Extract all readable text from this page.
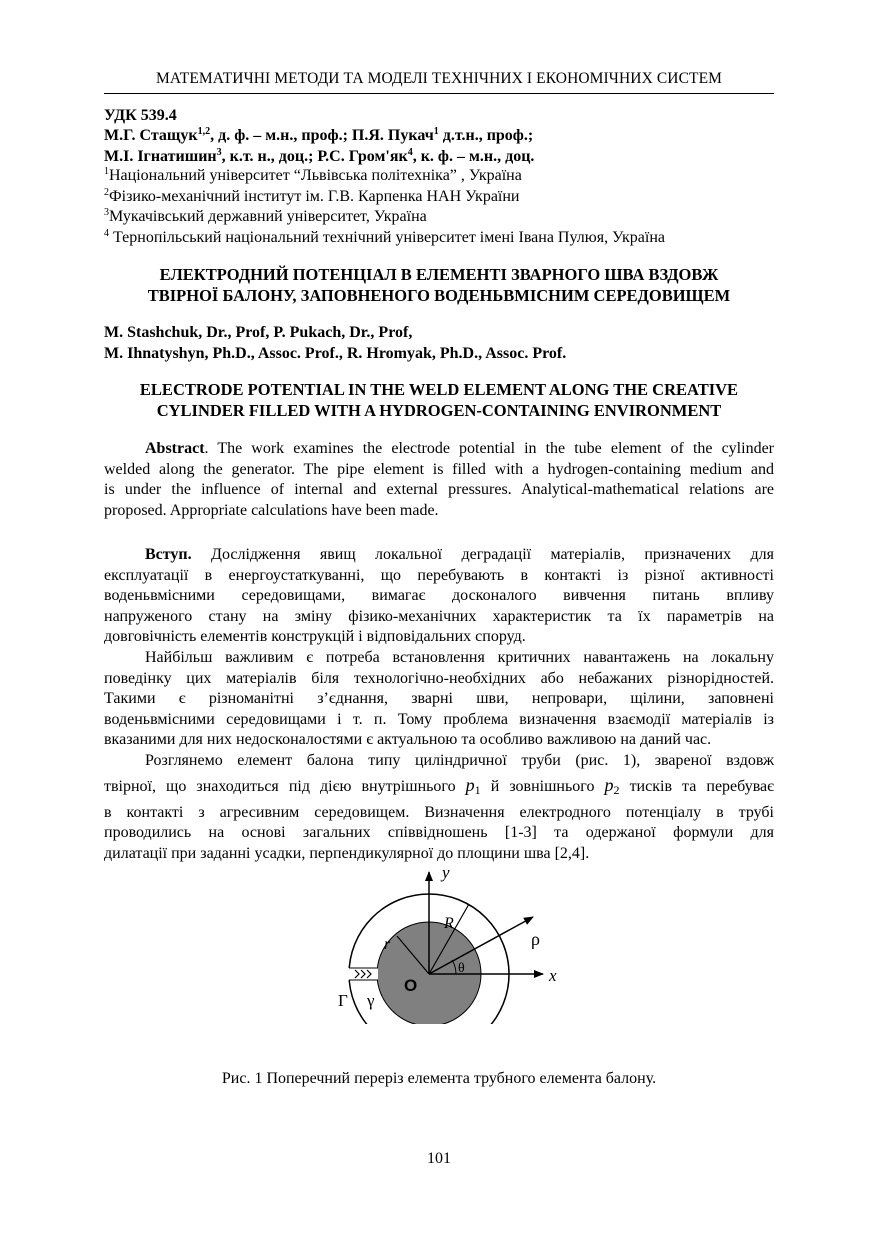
МАТЕМАТИЧНІ МЕТОДИ ТА МОДЕЛІ ТЕХНІЧНИХ І ЕКОНОМІЧНИХ СИСТЕМ
УДК 539.4
М.Г. Стащук$^{1,2}$, д. ф. – м.н., проф.; П.Я. Пукач$^1$ д.т.н., проф.;
М.І. Ігнатишин$^3$, к.т. н., доц.; Р.С. $Гром'як^4$, к. ф. – м.н., доц.
$^1$Національний університет “Львівська політехніка” , Україна
$^2$Фізико-механічний інститут ім. Г.В. Карпенка НАН України
$^3$Мукачівський державний університет, Україна
$^4$ Тернопільський національний технічний університет імені Івана Пулюя, Україна
ЕЛЕКТРОДНИЙ ПОТЕНЦІАЛ В ЕЛЕМЕНТІ ЗВАРНОГО ШВА ВЗДОВЖ
ТВІРНОЇ БАЛОНУ, ЗАПОВНЕНОГО ВОДЕНЬВМІСНИМ СЕРЕДОВИЩЕМ
M. Stashchuk, Dr., Prof, P. Pukach, Dr., Prof,
M. Ihnatyshyn, Ph.D., Assoc. Prof., R. Hromyak, Ph.D., Assoc. Prof.
ELECTRODE POTENTIAL IN THE WELD ELEMENT ALONG THE CREATIVE
CYLINDER FILLED WITH A HYDROGEN-CONTAINING ENVIRONMENT
Abstract. The work examines the electrode potential in the tube element of the cylinder
welded along the generator. The pipe element is filled with a hydrogen-containing medium and
is under the influence of internal and external pressures. Analytical-mathematical relations are
proposed. Appropriate calculations have been made.
Вступ. Дослідження явищ локальної деградації матеріалів, призначених для
експлуатації в енергоустаткуванні, що перебувають в контакті із різної активності
воденьвмісними середовищами, вимагає досконалого вивчення питань впливу
напруженого стану на зміну фізико-механічних характеристик та їх параметрів на
довговічність елементів конструкцій і відповідальних споруд.
Найбільш важливим є потреба встановлення критичних навантажень на локальну
поведінку цих матеріалів біля технологічно-необхідних або небажаних різнорідностей.
Такими є різноманітні з’єднання, зварні шви, непровари, щілини, заповнені
воденьвмісними середовищами і т. п. Тому проблема визначення взаємодії матеріалів із
вказаними для них недосконалостями є актуальною та особливо важливою на даний час.
Розглянемо елемент балона типу циліндричної труби (рис. 1), звареної вздовж
твірної, що знаходиться під дією внутрішнього p1 й зовнішнього p2 тисків та перебуває
в контакті з агресивним середовищем. Визначення електродного потенціалу в трубі
проводились на основі загальних співвідношень [1-3] та одержаної формули для
дилатації при заданні усадки, перпендикулярної до площини шва [2,4].
y
x
R
r	ρ
θ
O
Γ γ
Рис. 1 Поперечний переріз елемента трубного елемента балону.
101
